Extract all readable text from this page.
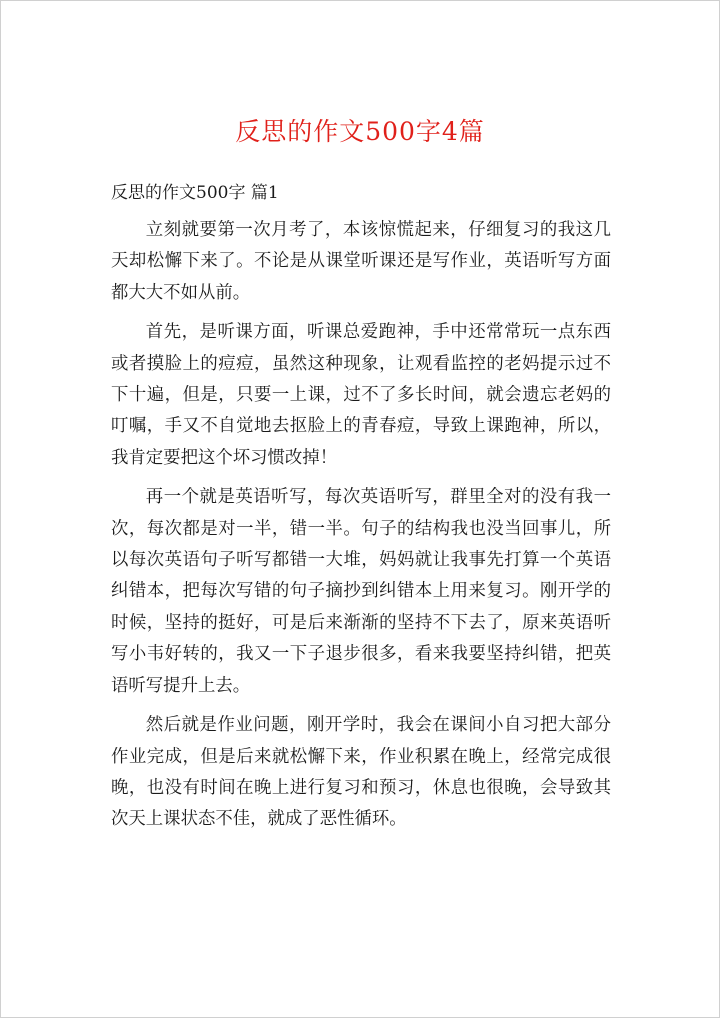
反思的作文500字4篇

反思的作文500字 篇1

立刻就要第一次月考了，本该惊慌起来，仔细复习的我这几天却松懈下来了。不论是从课堂听课还是写作业，英语听写方面都大大不如从前。

首先，是听课方面，听课总爱跑神，手中还常常玩一点东西或者摸脸上的痘痘，虽然这种现象，让观看监控的老妈提示过不下十遍，但是，只要一上课，过不了多长时间，就会遗忘老妈的叮嘱，手又不自觉地去抠脸上的青春痘，导致上课跑神，所以，我肯定要把这个坏习惯改掉！

再一个就是英语听写，每次英语听写，群里全对的没有我一次，每次都是对一半，错一半。句子的结构我也没当回事儿，所以每次英语句子听写都错一大堆，妈妈就让我事先打算一个英语纠错本，把每次写错的句子摘抄到纠错本上用来复习。刚开学的时候，坚持的挺好，可是后来渐渐的坚持不下去了，原来英语听写小韦好转的，我又一下子退步很多，看来我要坚持纠错，把英语听写提升上去。

然后就是作业问题，刚开学时，我会在课间小自习把大部分作业完成，但是后来就松懈下来，作业积累在晚上，经常完成很晚，也没有时间在晚上进行复习和预习，休息也很晚，会导致其次天上课状态不佳，就成了恶性循环。
